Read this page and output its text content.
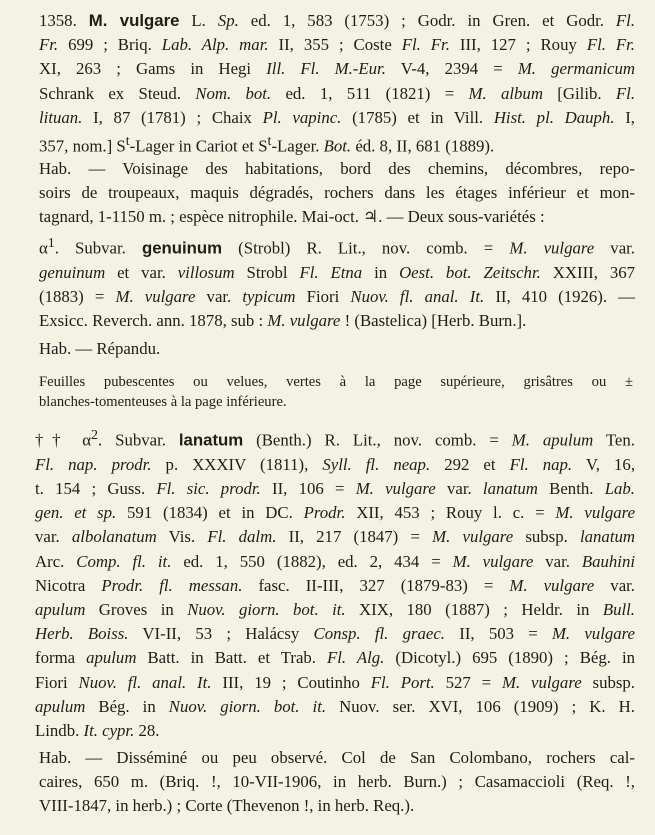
1358. M. vulgare L. Sp. ed. 1, 583 (1753) ; Godr. in Gren. et Godr. Fl.
Fr. 699 ; Briq. Lab. Alp. mar. II, 355 ; Coste Fl. Fr. III, 127 ; Rouy Fl. Fr.
XI, 263 ; Gams in Hegi Ill. Fl. M.-Eur. V-4, 2394 = M. germanicum
Schrank ex Steud. Nom. bot. ed. 1, 511 (1821) = M. album [Gilib. Fl.
lituan. I, 87 (1781) ; Chaix Pl. vapinc. (1785) et in Vill. Hist. pl. Dauph. I,
357, nom.] $S^t$-Lager in Cariot et $S^t$-Lager. Bot. éd. 8, II, 681 (1889).
Hab. — Voisinage des habitations, bord des chemins, décombres, repo-
soirs de troupeaux, maquis dégradés, rochers dans les étages inférieur et mon-
tagnard, 1-1150 m. ; espèce nitrophile. Mai-oct. ♃. — Deux sous-variétés :
$\alpha^1$. Subvar. genuinum (Strobl) R. Lit., nov. comb. = M. vulgare var.
genuinum et var. villosum Strobl Fl. Etna in Oest. bot. Zeitschr. XXIII, 367
(1883) = M. vulgare var. typicum Fiori Nuov. fl. anal. It. II, 410 (1926). —
Exsicc. Reverch. ann. 1878, sub : M. vulgare ! (Bastelica) [Herb. Burn.].
Hab. — Répandu.
Feuilles pubescentes ou velues, vertes à la page supérieure, grisâtres ou ±
blanches-tomenteuses à la page inférieure.
†† $\alpha^2$. Subvar. lanatum (Benth.) R. Lit., nov. comb. = M. apulum Ten.
Fl. nap. prodr. p. XXXIV (1811), Syll. fl. neap. 292 et Fl. nap. V, 16,
t. 154 ; Guss. Fl. sic. prodr. II, 106 = M. vulgare var. lanatum Benth. Lab.
gen. et sp. 591 (1834) et in DC. Prodr. XII, 453 ; Rouy l. c. = M. vulgare
var. albolanatum Vis. Fl. dalm. II, 217 (1847) = M. vulgare subsp. lanatum
Arc. Comp. fl. it. ed. 1, 550 (1882), ed. 2, 434 = M. vulgare var. Bauhini
Nicotra Prodr. fl. messan. fasc. II-III, 327 (1879-83) = M. vulgare var.
apulum Groves in Nuov. giorn. bot. it. XIX, 180 (1887) ; Heldr. in Bull.
Herb. Boiss. VI-II, 53 ; Halácsy Consp. fl. graec. II, 503 = M. vulgare
forma apulum Batt. in Batt. et Trab. Fl. Alg. (Dicotyl.) 695 (1890) ; Bég. in
Fiori Nuov. fl. anal. It. III, 19 ; Coutinho Fl. Port. 527 = M. vulgare subsp.
apulum Bég. in Nuov. giorn. bot. it. Nuov. ser. XVI, 106 (1909) ; K. H.
Lindb. It. cypr. 28.
Hab. — Disséminé ou peu observé. Col de San Colombano, rochers cal-
caires, 650 m. (Briq. !, 10-VII-1906, in herb. Burn.) ; Casamaccioli (Req. !,
VIII-1847, in herb.) ; Corte (Thevenon !, in herb. Req.).
